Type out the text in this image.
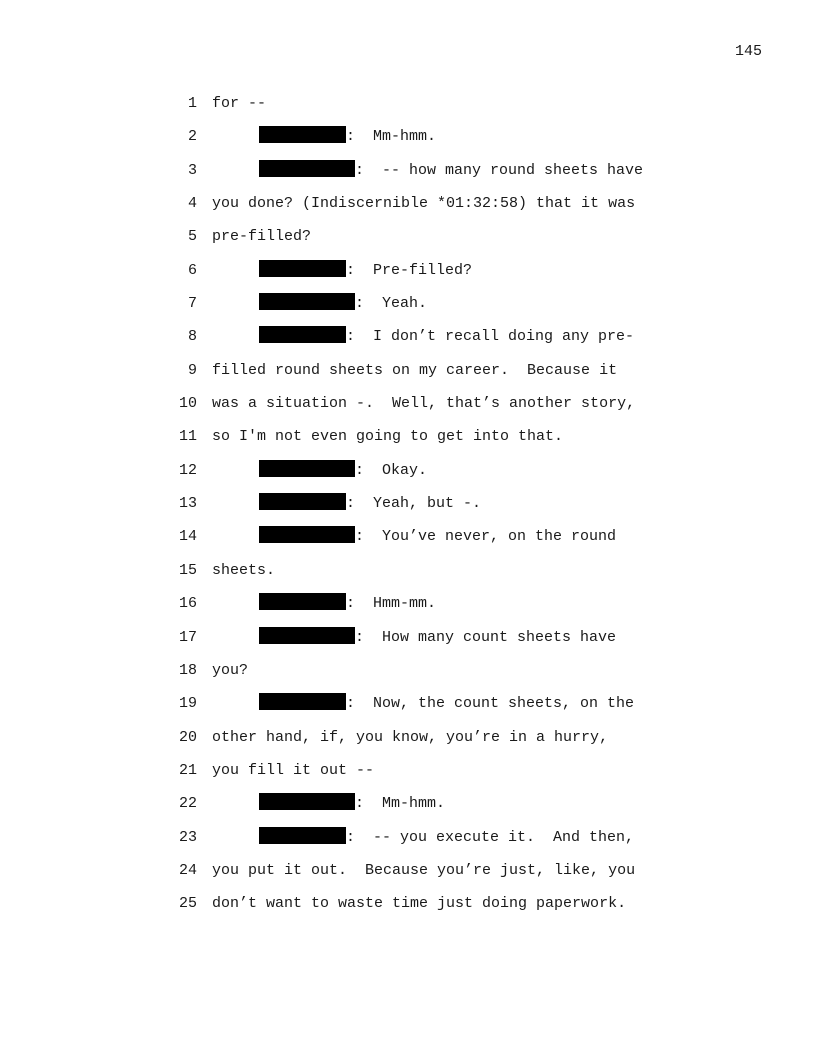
145
1 for --
2	:  Mm-hmm.
3	:  -- how many round sheets have
4 you done? (Indiscernible *01:32:58) that it was
5 pre-filled?
6	:  Pre-filled?
7	:  Yeah.
8	:  I don’t recall doing any pre-
9 filled round sheets on my career.  Because it
10 was a situation -.  Well, that’s another story,
11 so I'm not even going to get into that.
12	:  Okay.
13	:  Yeah, but -.
14	:  You’ve never, on the round
15 sheets.
16	:  Hmm-mm.
17	:  How many count sheets have
18 you?
19	:  Now, the count sheets, on the
20 other hand, if, you know, you’re in a hurry,
21 you fill it out --
22	:  Mm-hmm.
23	:  -- you execute it.  And then,
24 you put it out.  Because you’re just, like, you
25 don’t want to waste time just doing paperwork.
